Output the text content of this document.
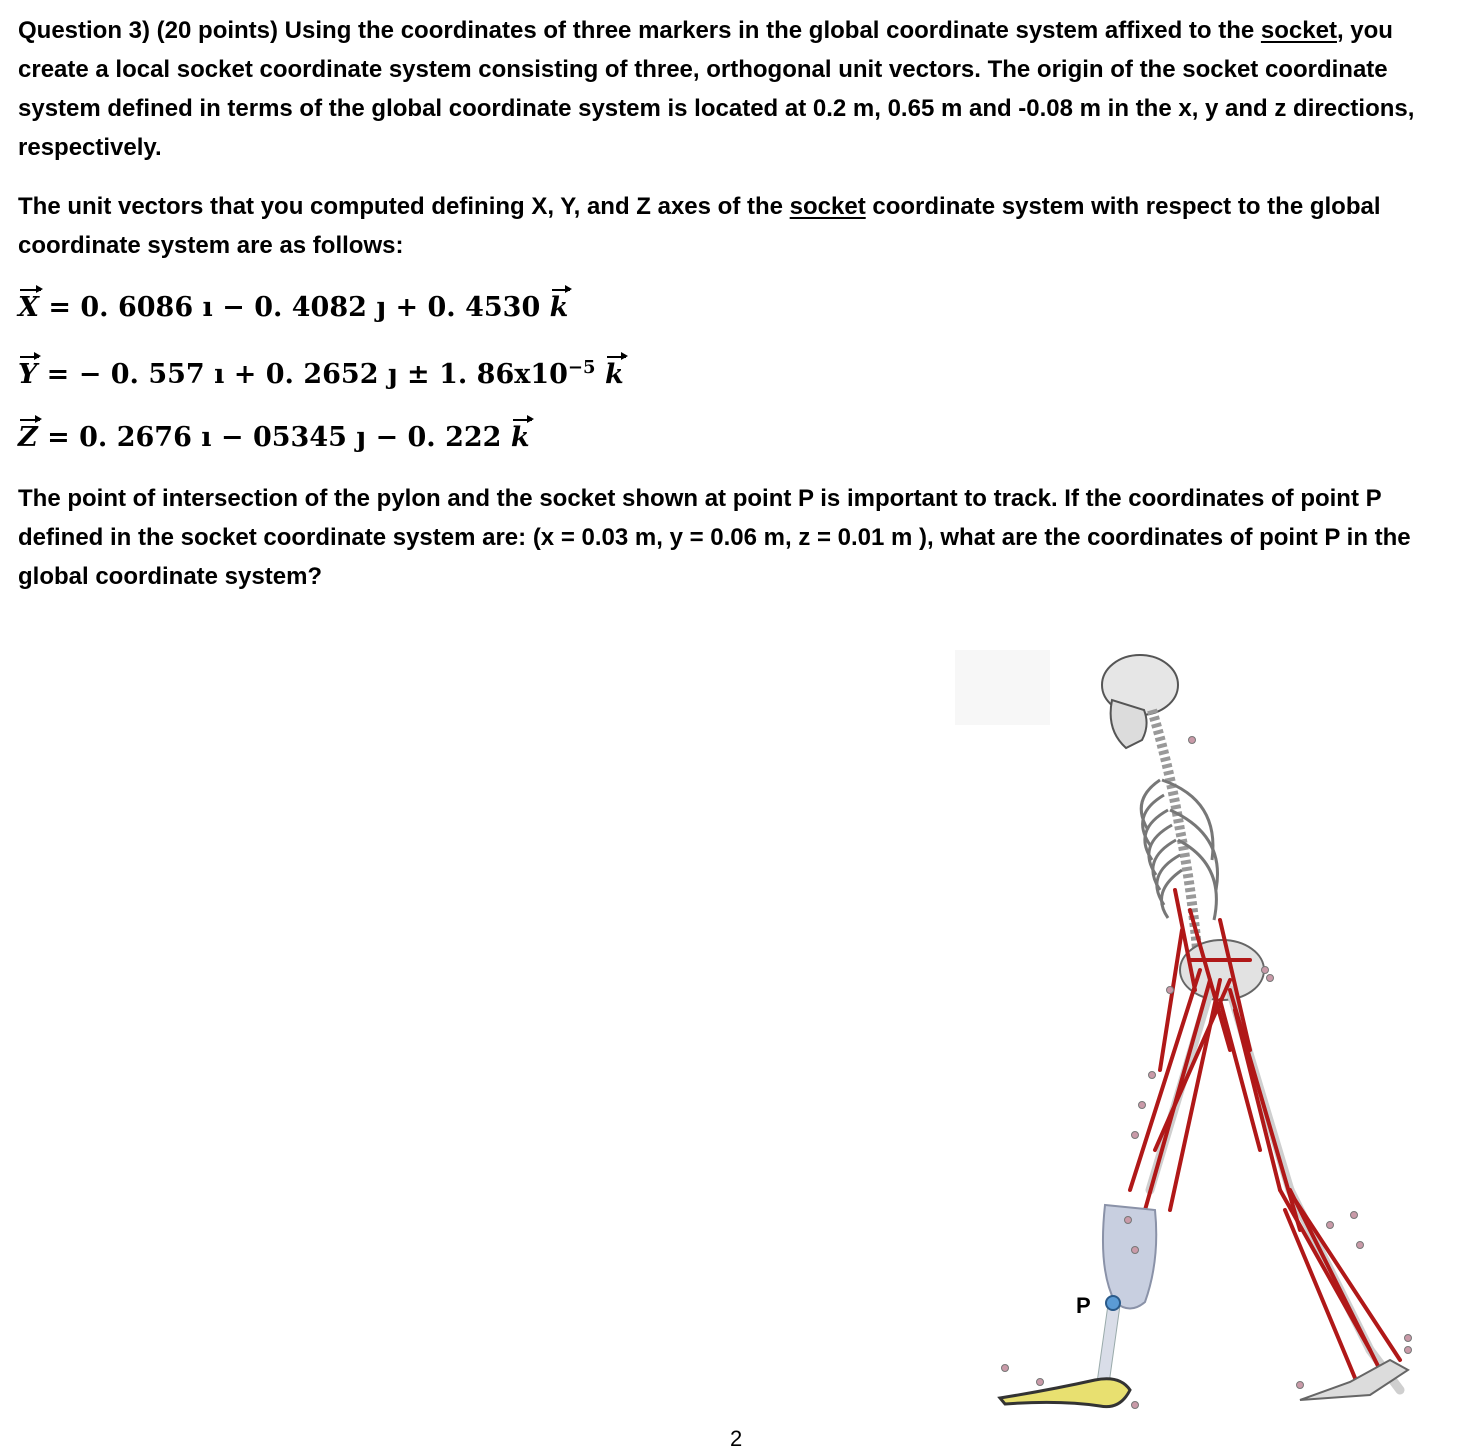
Question 3) (20 points) Using the coordinates of three markers in the global coordinate system affixed to the socket, you create a local socket coordinate system consisting of three, orthogonal unit vectors. The origin of the socket coordinate system defined in terms of the global coordinate system is located at 0.2 m, 0.65 m and -0.08 m in the x, y and z directions, respectively.
The unit vectors that you computed defining X, Y, and Z axes of the socket coordinate system with respect to the global coordinate system are as follows:
X = 0. 6086 ı − 0. 4082 ȷ + 0. 4530 k
Y = − 0. 557 ı + 0. 2652 ȷ ± 1. $86x10^{-5}$ k
Z = 0. 2676 ı − 05345 ȷ − 0. 222 k
The point of intersection of the pylon and the socket shown at point P is important to track. If the coordinates of point P defined in the socket coordinate system are: (x = 0.03 m, y = 0.06 m, z = 0.01 m ), what are the coordinates of point P in the global coordinate system?
P
2
